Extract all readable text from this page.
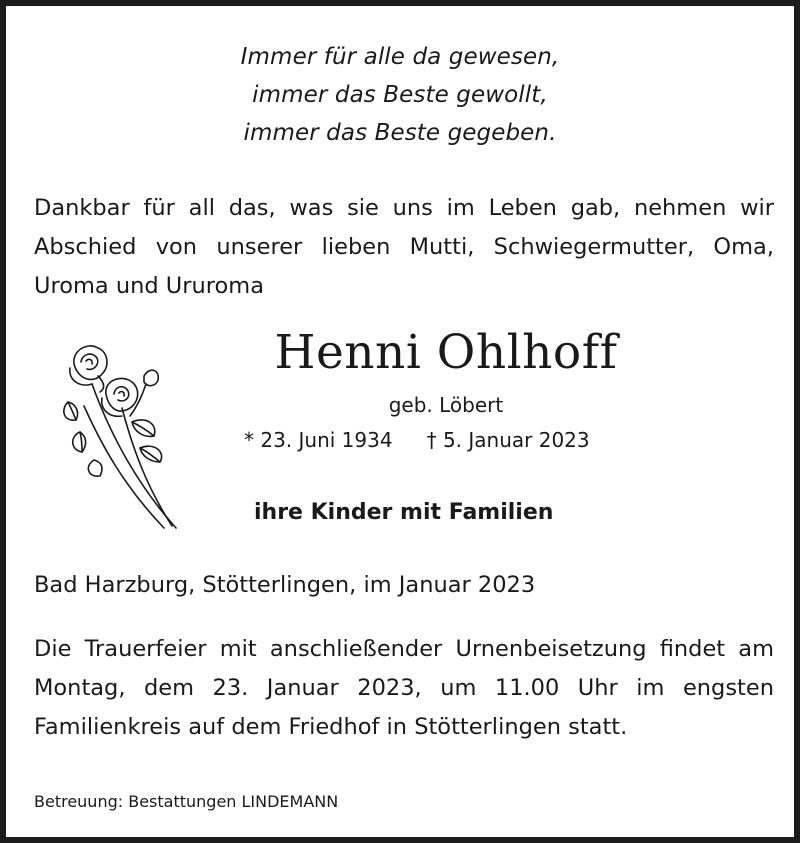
Immer für alle da gewesen,
immer das Beste gewollt,
immer das Beste gegeben.
Dankbar für all das, was sie uns im Leben gab, nehmen wir Abschied von unserer lieben Mutti, Schwiegermutter, Oma, Uroma und Ururoma
Henni Ohlhoff
geb. Löbert
* 23. Juni 1934 † 5. Januar 2023
ihre Kinder mit Familien
Bad Harzburg, Stötterlingen, im Januar 2023
Die Trauerfeier mit anschließender Urnenbeisetzung findet am Montag, dem 23. Januar 2023, um 11.00 Uhr im engsten Familienkreis auf dem Friedhof in Stötterlingen statt.
Betreuung: Bestattungen LINDEMANN
